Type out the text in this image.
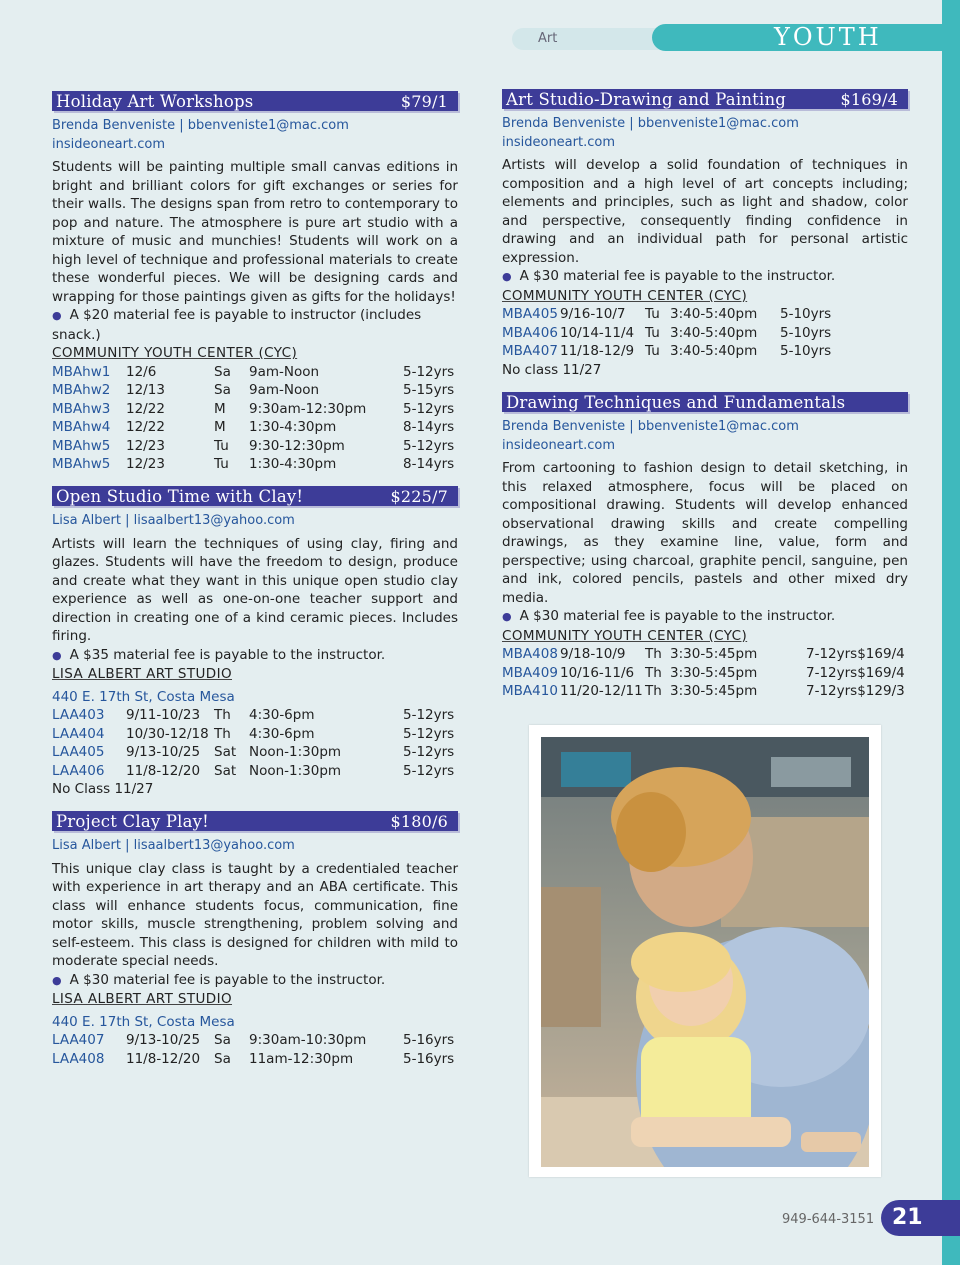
Art	YOUTH
Holiday Art Workshops	$79/1
Brenda Benveniste | bbenveniste1@mac.com
insideoneart.com
Students will be painting multiple small canvas editions in bright and brilliant colors for gift exchanges or series for their walls. The designs span from retro to contemporary to pop and nature. The atmosphere is pure art studio with a mixture of music and munchies! Students will work on a high level of technique and professional materials to create these wonderful pieces. We will be designing cards and wrapping for those paintings given as gifts for the holidays!
● A $20 material fee is payable to instructor (includes snack.)
COMMUNITY YOUTH CENTER (CYC)
MBAhw1	12/6	Sa	9am-Noon	5-12yrs
MBAhw2	12/13	Sa	9am-Noon	5-15yrs
MBAhw3	12/22	M	9:30am-12:30pm	5-12yrs
MBAhw4	12/22	M	1:30-4:30pm	8-14yrs
MBAhw5	12/23	Tu	9:30-12:30pm	5-12yrs
MBAhw5	12/23	Tu	1:30-4:30pm	8-14yrs
Open Studio Time with Clay!	$225/7
Lisa Albert | lisaalbert13@yahoo.com
Artists will learn the techniques of using clay, firing and glazes. Students will have the freedom to design, produce and create what they want in this unique open studio clay experience as well as one-on-one teacher support and direction in creating one of a kind ceramic pieces. Includes firing.
● A $35 material fee is payable to the instructor.
LISA ALBERT ART STUDIO
440 E. 17th St, Costa Mesa
LAA403	9/11-10/23	Th	4:30-6pm	5-12yrs
LAA404	10/30-12/18	Th	4:30-6pm	5-12yrs
LAA405	9/13-10/25	Sat	Noon-1:30pm	5-12yrs
LAA406	11/8-12/20	Sat	Noon-1:30pm	5-12yrs
No Class 11/27
Project Clay Play!	$180/6
Lisa Albert | lisaalbert13@yahoo.com
This unique clay class is taught by a credentialed teacher with experience in art therapy and an ABA certificate. This class will enhance students focus, communication, fine motor skills, muscle strengthening, problem solving and self-esteem. This class is designed for children with mild to moderate special needs.
● A $30 material fee is payable to the instructor.
LISA ALBERT ART STUDIO
440 E. 17th St, Costa Mesa
LAA407	9/13-10/25	Sa	9:30am-10:30pm	5-16yrs
LAA408	11/8-12/20	Sa	11am-12:30pm	5-16yrs
Art Studio-Drawing and Painting	$169/4
Brenda Benveniste | bbenveniste1@mac.com
insideoneart.com
Artists will develop a solid foundation of techniques in composition and a high level of art concepts including; elements and principles, such as light and shadow, color and perspective, consequently finding confidence in drawing and an individual path for personal artistic expression.
● A $30 material fee is payable to the instructor.
COMMUNITY YOUTH CENTER (CYC)
MBA405	9/16-10/7	Tu	3:40-5:40pm	5-10yrs
MBA406	10/14-11/4	Tu	3:40-5:40pm	5-10yrs
MBA407	11/18-12/9	Tu	3:40-5:40pm	5-10yrs
No class 11/27
Drawing Techniques and Fundamentals
Brenda Benveniste | bbenveniste1@mac.com
insideoneart.com
From cartooning to fashion design to detail sketching, in this relaxed atmosphere, focus will be placed on compositional drawing. Students will develop enhanced observational drawing skills and create compelling drawings, as they examine line, value, form and perspective; using charcoal, graphite pencil, sanguine, pen and ink, colored pencils, pastels and other mixed dry media.
● A $30 material fee is payable to the instructor.
COMMUNITY YOUTH CENTER (CYC)
MBA408	9/18-10/9	Th	3:30-5:45pm	7-12yrs	$169/4
MBA409	10/16-11/6	Th	3:30-5:45pm	7-12yrs	$169/4
MBA410	11/20-12/11	Th	3:30-5:45pm	7-12yrs	$129/3
949-644-3151 21
